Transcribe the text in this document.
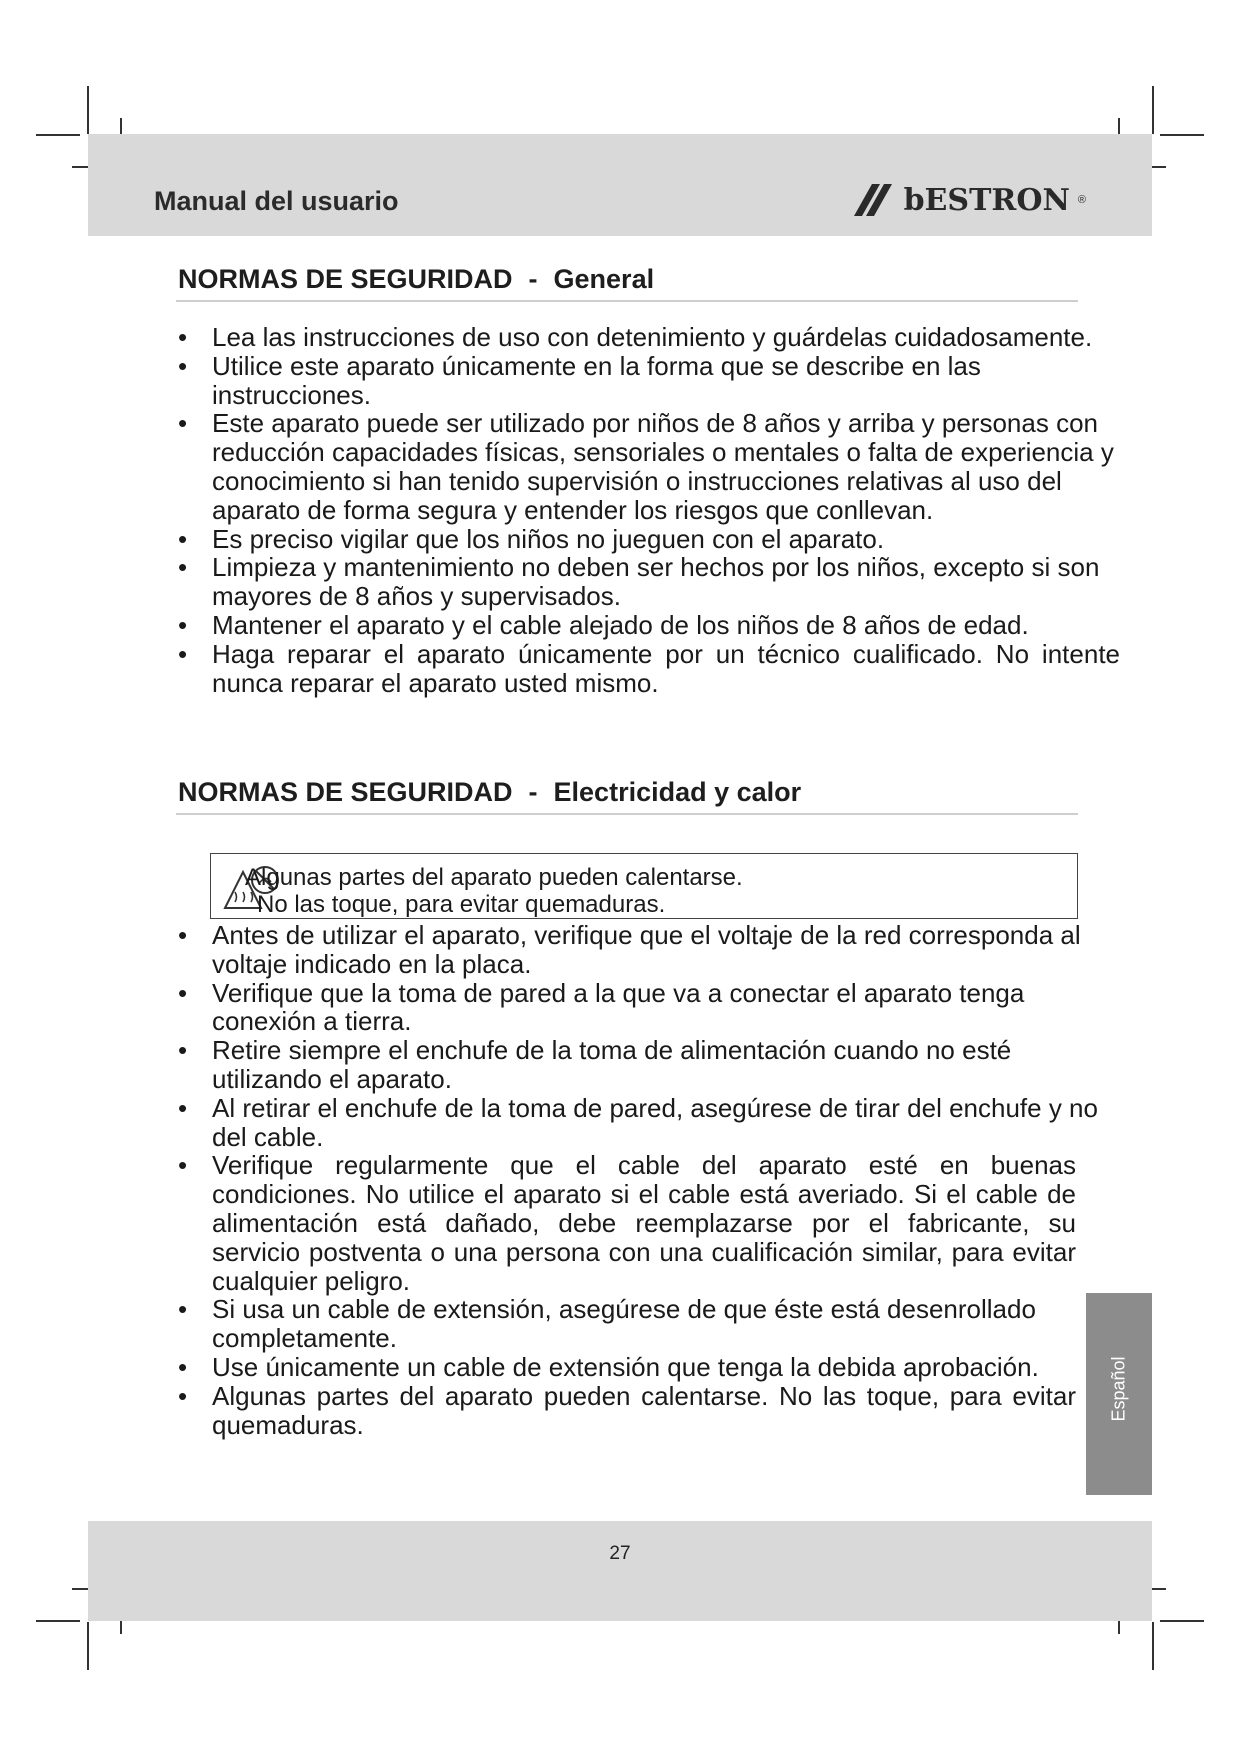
Manual del usuario	bESTRON ®
NORMAS DE SEGURIDAD - General
• Lea las instrucciones de uso con detenimiento y guárdelas cuidadosamente.
• Utilice este aparato únicamente en la forma que se describe en las instrucciones.
• Este aparato puede ser utilizado por niños de 8 años y arriba y personas con reducción capacidades físicas, sensoriales o mentales o falta de experiencia y conocimiento si han tenido supervisión o instrucciones relativas al uso del aparato de forma segura y entender los riesgos que conllevan.
• Es preciso vigilar que los niños no jueguen con el aparato.
• Limpieza y mantenimiento no deben ser hechos por los niños, excepto si son mayores de 8 años y supervisados.
• Mantener el aparato y el cable alejado de los niños de 8 años de edad.
• Haga reparar el aparato únicamente por un técnico cualificado. No intente nunca reparar el aparato usted mismo.
NORMAS DE SEGURIDAD - Electricidad y calor
Algunas partes del aparato pueden calentarse.
No las toque, para evitar quemaduras.
• Antes de utilizar el aparato, verifique que el voltaje de la red corresponda al voltaje indicado en la placa.
• Verifique que la toma de pared a la que va a conectar el aparato tenga conexión a tierra.
• Retire siempre el enchufe de la toma de alimentación cuando no esté utilizando el aparato.
• Al retirar el enchufe de la toma de pared, asegúrese de tirar del enchufe y no del cable.
• Verifique regularmente que el cable del aparato esté en buenas condiciones. No utilice el aparato si el cable está averiado. Si el cable de alimentación está dañado, debe reemplazarse por el fabricante, su servicio postventa o una persona con una cualificación similar, para evitar cualquier peligro.
• Si usa un cable de extensión, asegúrese de que éste está desenrollado completamente.
• Use únicamente un cable de extensión que tenga la debida aprobación.
• Algunas partes del aparato pueden calentarse. No las toque, para evitar quemaduras.
Español
27
